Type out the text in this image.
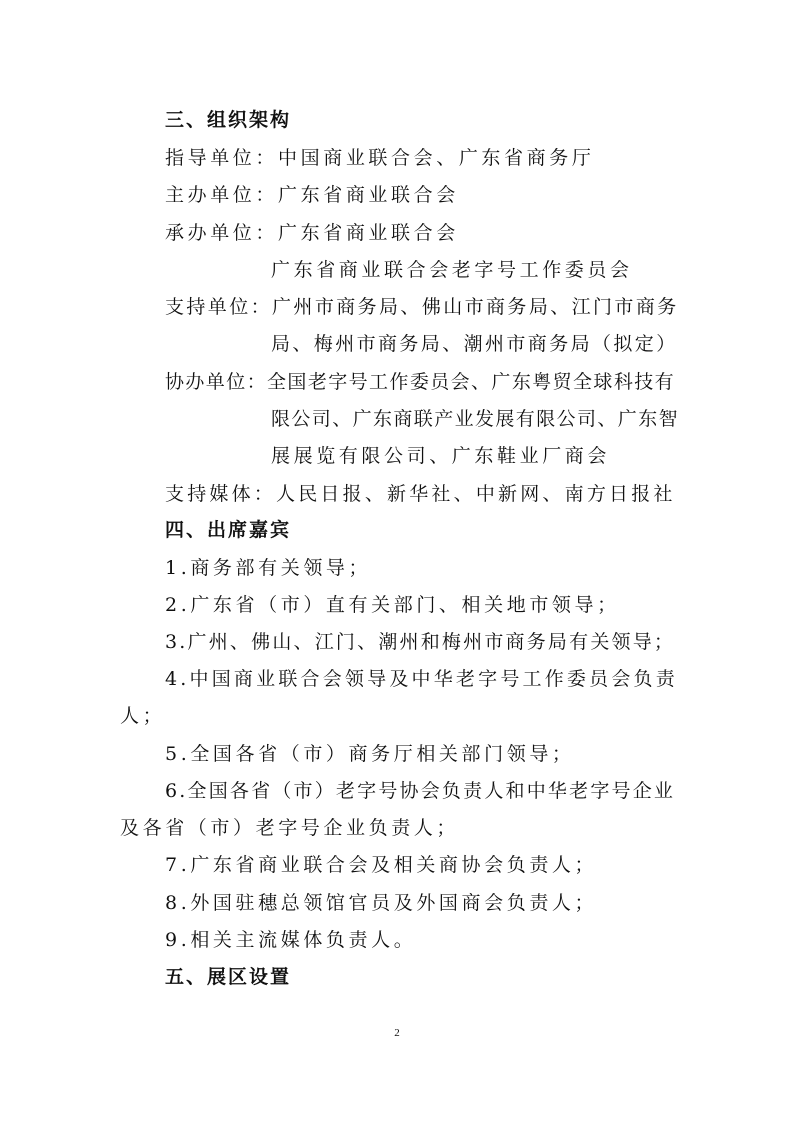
三、组织架构
指导单位：中国商业联合会、广东省商务厅
主办单位：广东省商业联合会
承办单位：广东省商业联合会
广东省商业联合会老字号工作委员会
支持单位：广州市商务局、佛山市商务局、江门市商务
局、梅州市商务局、潮州市商务局（拟定）
协办单位：全国老字号工作委员会、广东粤贸全球科技有
限公司、广东商联产业发展有限公司、广东智
展展览有限公司、广东鞋业厂商会
支持媒体：人民日报、新华社、中新网、南方日报社
四、出席嘉宾
1.商务部有关领导；
2.广东省（市）直有关部门、相关地市领导；
3.广州、佛山、江门、潮州和梅州市商务局有关领导；
4.中国商业联合会领导及中华老字号工作委员会负责
人；
5.全国各省（市）商务厅相关部门领导；
6.全国各省（市）老字号协会负责人和中华老字号企业
及各省（市）老字号企业负责人；
7.广东省商业联合会及相关商协会负责人；
8.外国驻穗总领馆官员及外国商会负责人；
9.相关主流媒体负责人。
五、展区设置
2
